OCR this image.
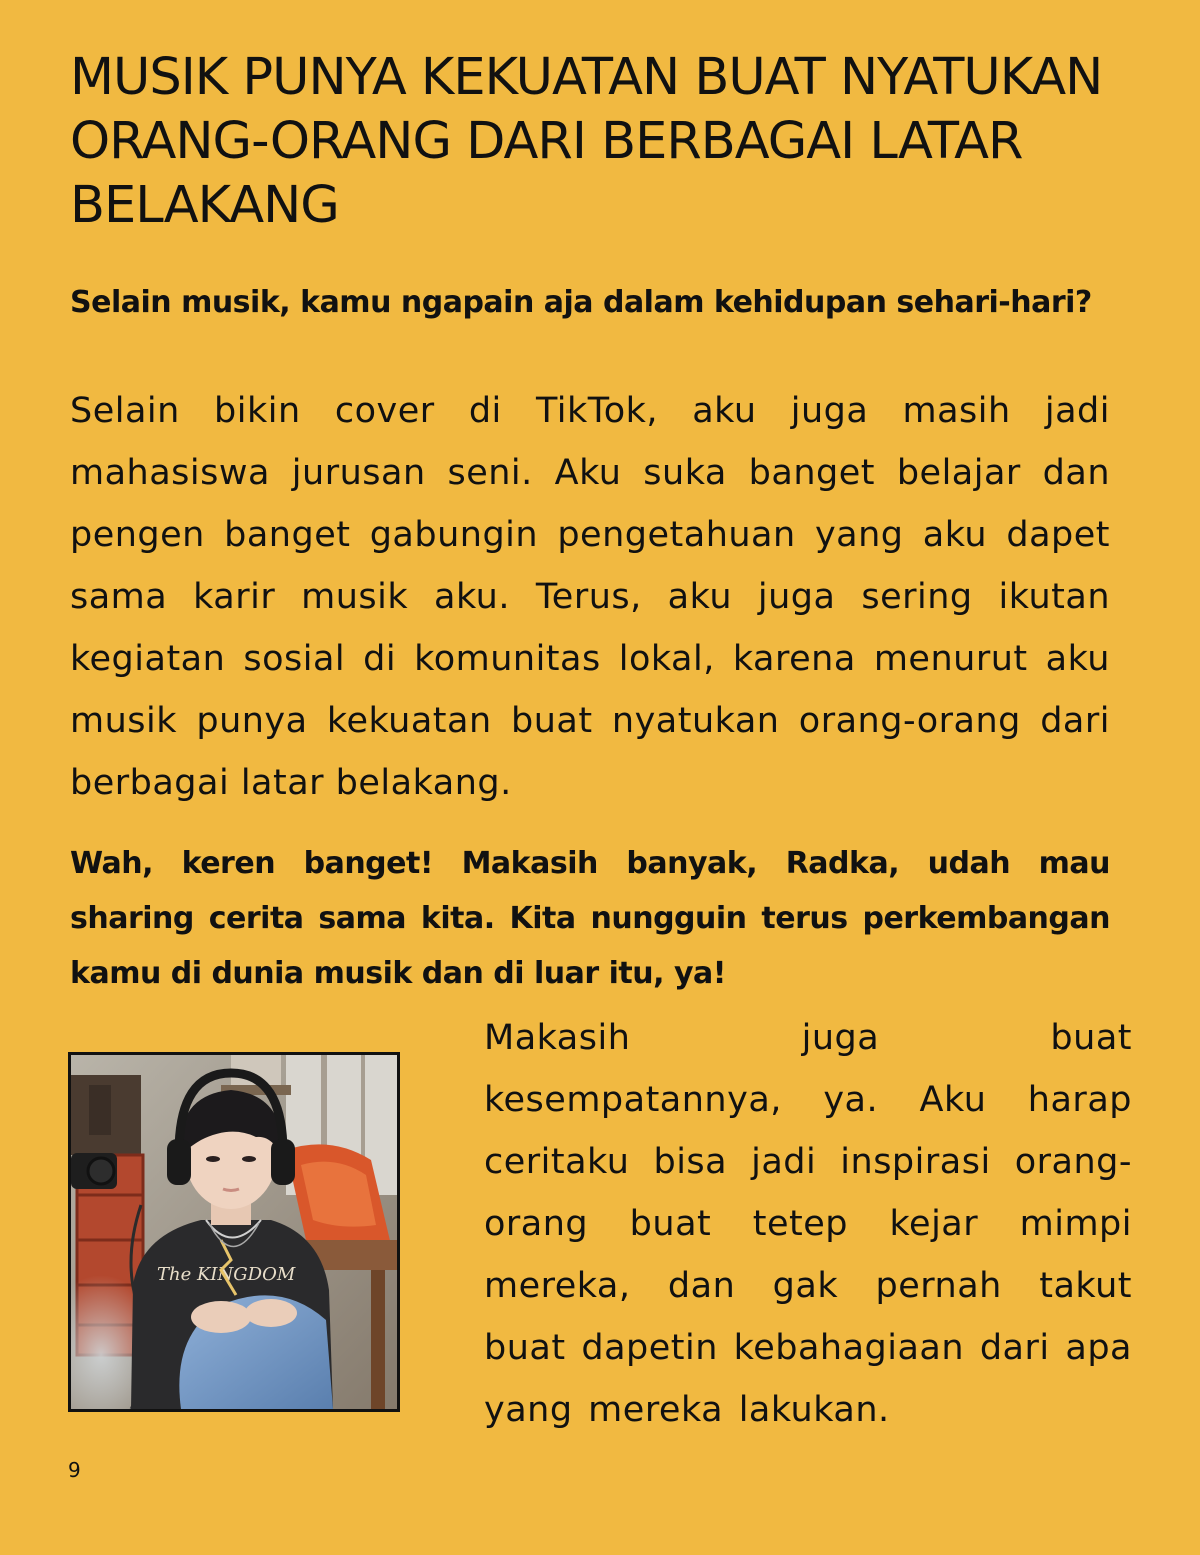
MUSIK PUNYA KEKUATAN BUAT NYATUKAN ORANG-ORANG DARI BERBAGAI LATAR BELAKANG

Selain musik, kamu ngapain aja dalam kehidupan sehari-hari?

Selain bikin cover di TikTok, aku juga masih jadi mahasiswa jurusan seni. Aku suka banget belajar dan pengen banget gabungin pengetahuan yang aku dapet sama karir musik aku. Terus, aku juga sering ikutan kegiatan sosial di komunitas lokal, karena menurut aku musik punya kekuatan buat nyatukan orang-orang dari berbagai latar belakang.

Wah, keren banget! Makasih banyak, Radka, udah mau sharing cerita sama kita. Kita nungguin terus perkembangan kamu di dunia musik dan di luar itu, ya!

The KINGDOM

Makasih juga buat kesempatannya, ya. Aku harap ceritaku bisa jadi inspirasi orang-orang buat tetep kejar mimpi mereka, dan gak pernah takut buat dapetin kebahagiaan dari apa yang mereka lakukan.

9
